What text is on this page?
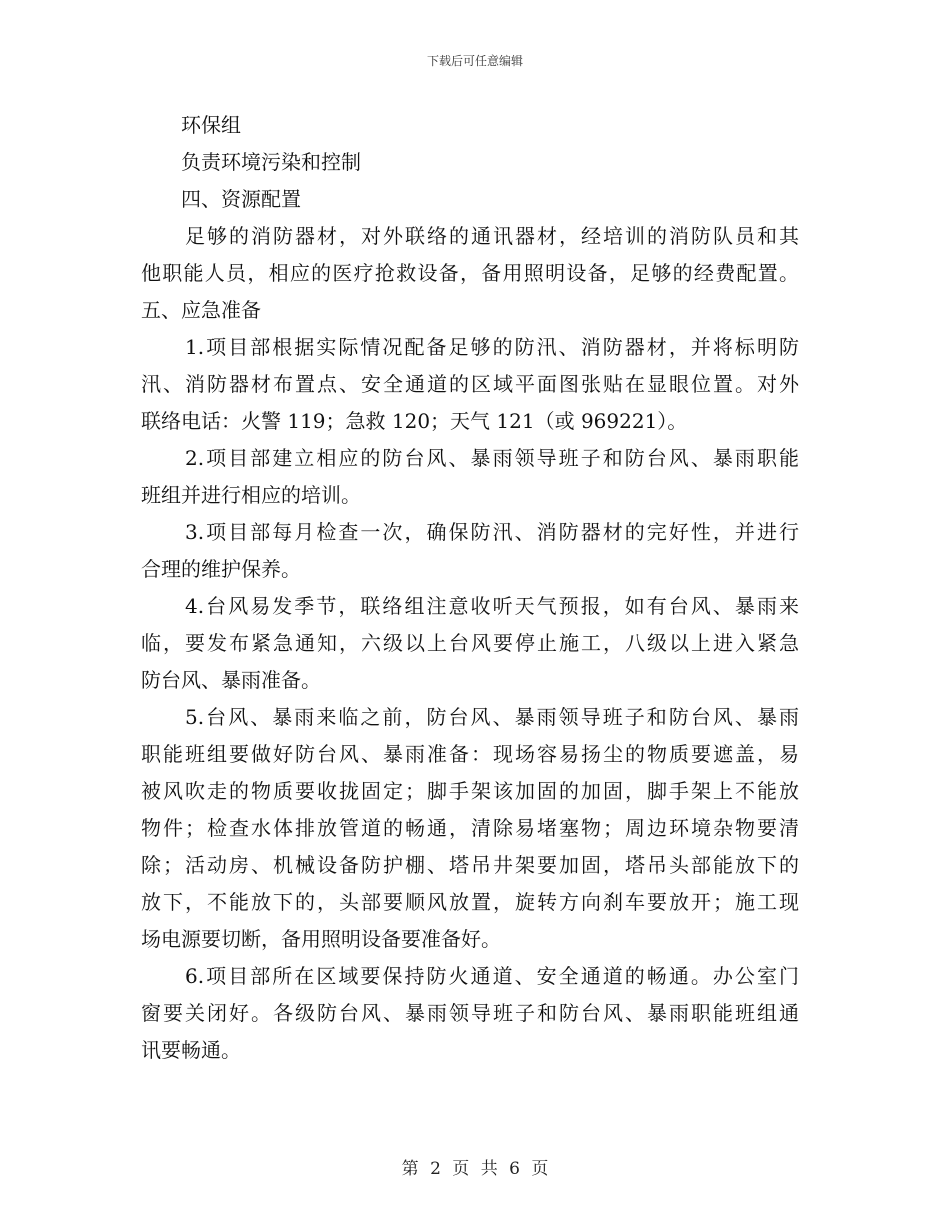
下载后可任意编辑
　　环保组
　　负责环境污染和控制
　　四、资源配置
　　足够的消防器材，对外联络的通讯器材，经培训的消防队员和其
他职能人员，相应的医疗抢救设备，备用照明设备，足够的经费配置。
五、应急准备
　　1.项目部根据实际情况配备足够的防汛、消防器材，并将标明防
汛、消防器材布置点、安全通道的区域平面图张贴在显眼位置。对外
联络电话：火警 119；急救 120；天气 121（或 969221）。
　　2.项目部建立相应的防台风、暴雨领导班子和防台风、暴雨职能
班组并进行相应的培训。
　　3.项目部每月检查一次，确保防汛、消防器材的完好性，并进行
合理的维护保养。
　　4.台风易发季节，联络组注意收听天气预报，如有台风、暴雨来
临，要发布紧急通知，六级以上台风要停止施工，八级以上进入紧急
防台风、暴雨准备。
　　5.台风、暴雨来临之前，防台风、暴雨领导班子和防台风、暴雨
职能班组要做好防台风、暴雨准备：现场容易扬尘的物质要遮盖，易
被风吹走的物质要收拢固定；脚手架该加固的加固，脚手架上不能放
物件；检查水体排放管道的畅通，清除易堵塞物；周边环境杂物要清
除；活动房、机械设备防护棚、塔吊井架要加固，塔吊头部能放下的
放下，不能放下的，头部要顺风放置，旋转方向刹车要放开；施工现
场电源要切断，备用照明设备要准备好。
　　6.项目部所在区域要保持防火通道、安全通道的畅通。办公室门
窗要关闭好。各级防台风、暴雨领导班子和防台风、暴雨职能班组通
讯要畅通。
第 2 页 共 6 页
